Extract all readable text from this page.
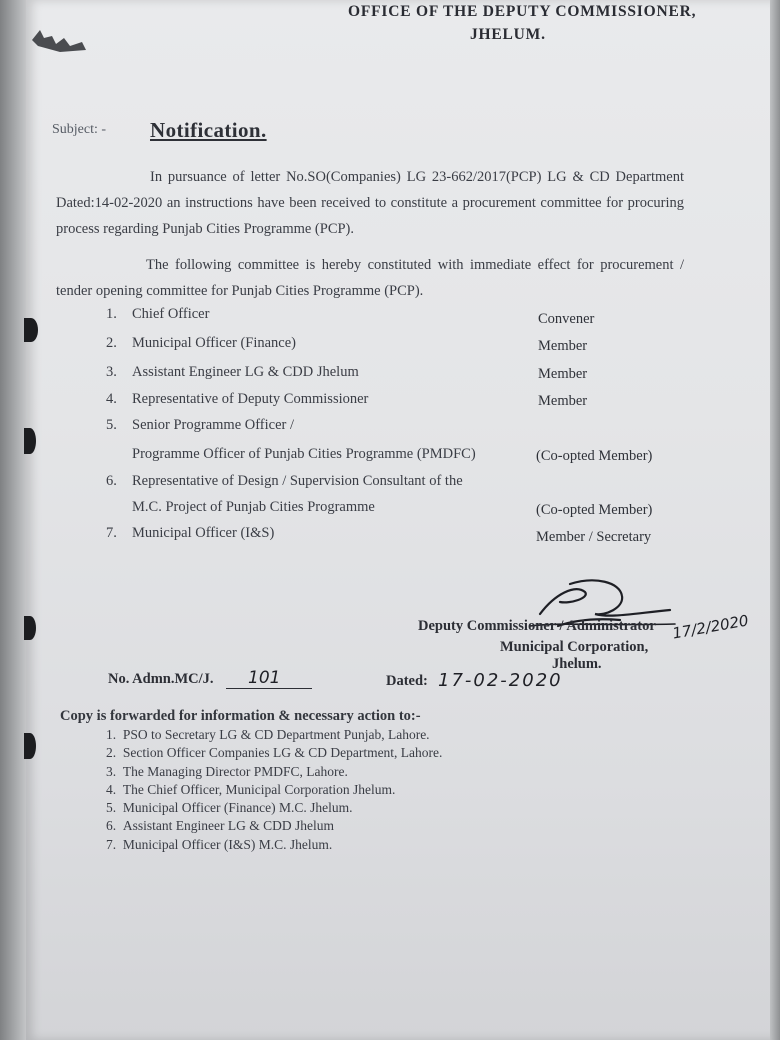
OFFICE OF THE DEPUTY COMMISSIONER,
JHELUM.
Subject: - Notification.
In pursuance of letter No.SO(Companies) LG 23-662/2017(PCP) LG & CD Department Dated:14-02-2020 an instructions have been received to constitute a procurement committee for procuring process regarding Punjab Cities Programme (PCP).
The following committee is hereby constituted with immediate effect for procurement / tender opening committee for Punjab Cities Programme (PCP).
1. Chief Officer	Convener
2. Municipal Officer (Finance)	Member
3. Assistant Engineer LG & CDD Jhelum	Member
4. Representative of Deputy Commissioner	Member
5. Senior Programme Officer /
Programme Officer of Punjab Cities Programme (PMDFC)	(Co-opted Member)
6. Representative of Design / Supervision Consultant of the
M.C. Project of Punjab Cities Programme	(Co-opted Member)
7. Municipal Officer (I&S)	Member / Secretary
Deputy Commissioner / Administrator
Municipal Corporation,
Jhelum.
17/2/2020
No. Admn.MC/J. 101	Dated: 17-02-2020
Copy is forwarded for information & necessary action to:-
1.  PSO to Secretary LG & CD Department Punjab, Lahore.
2.  Section Officer Companies LG & CD Department, Lahore.
3.  The Managing Director PMDFC, Lahore.
4.  The Chief Officer, Municipal Corporation Jhelum.
5.  Municipal Officer (Finance) M.C. Jhelum.
6.  Assistant Engineer LG & CDD Jhelum
7.  Municipal Officer (I&S) M.C. Jhelum.
